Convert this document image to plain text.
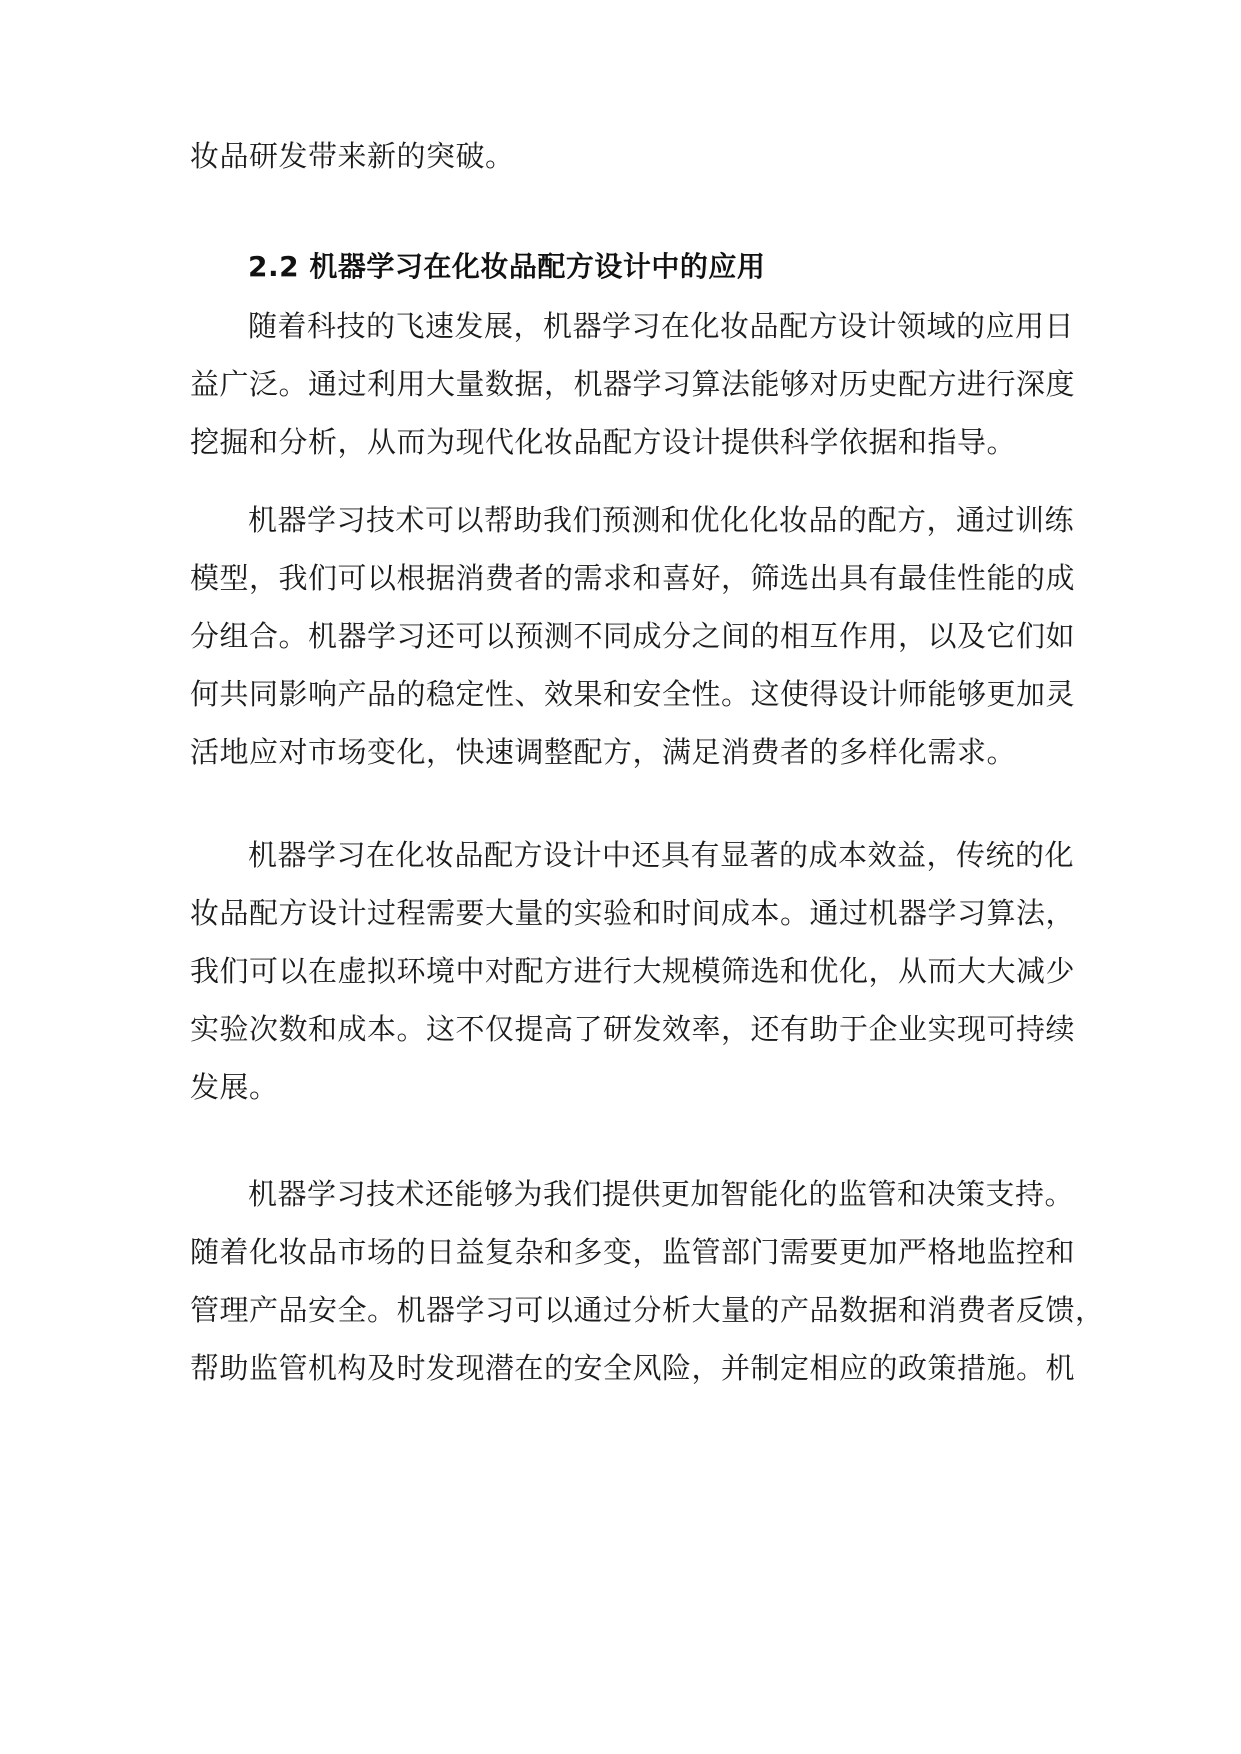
妆品研发带来新的突破。
2.2 机器学习在化妆品配方设计中的应用
随着科技的飞速发展，机器学习在化妆品配方设计领域的应用日
益广泛。通过利用大量数据，机器学习算法能够对历史配方进行深度
挖掘和分析，从而为现代化妆品配方设计提供科学依据和指导。
机器学习技术可以帮助我们预测和优化化妆品的配方，通过训练
模型，我们可以根据消费者的需求和喜好，筛选出具有最佳性能的成
分组合。机器学习还可以预测不同成分之间的相互作用，以及它们如
何共同影响产品的稳定性、效果和安全性。这使得设计师能够更加灵
活地应对市场变化，快速调整配方，满足消费者的多样化需求。
机器学习在化妆品配方设计中还具有显著的成本效益，传统的化
妆品配方设计过程需要大量的实验和时间成本。通过机器学习算法，
我们可以在虚拟环境中对配方进行大规模筛选和优化，从而大大减少
实验次数和成本。这不仅提高了研发效率，还有助于企业实现可持续
发展。
机器学习技术还能够为我们提供更加智能化的监管和决策支持。
随着化妆品市场的日益复杂和多变，监管部门需要更加严格地监控和
管理产品安全。机器学习可以通过分析大量的产品数据和消费者反馈，
帮助监管机构及时发现潜在的安全风险，并制定相应的政策措施。机
